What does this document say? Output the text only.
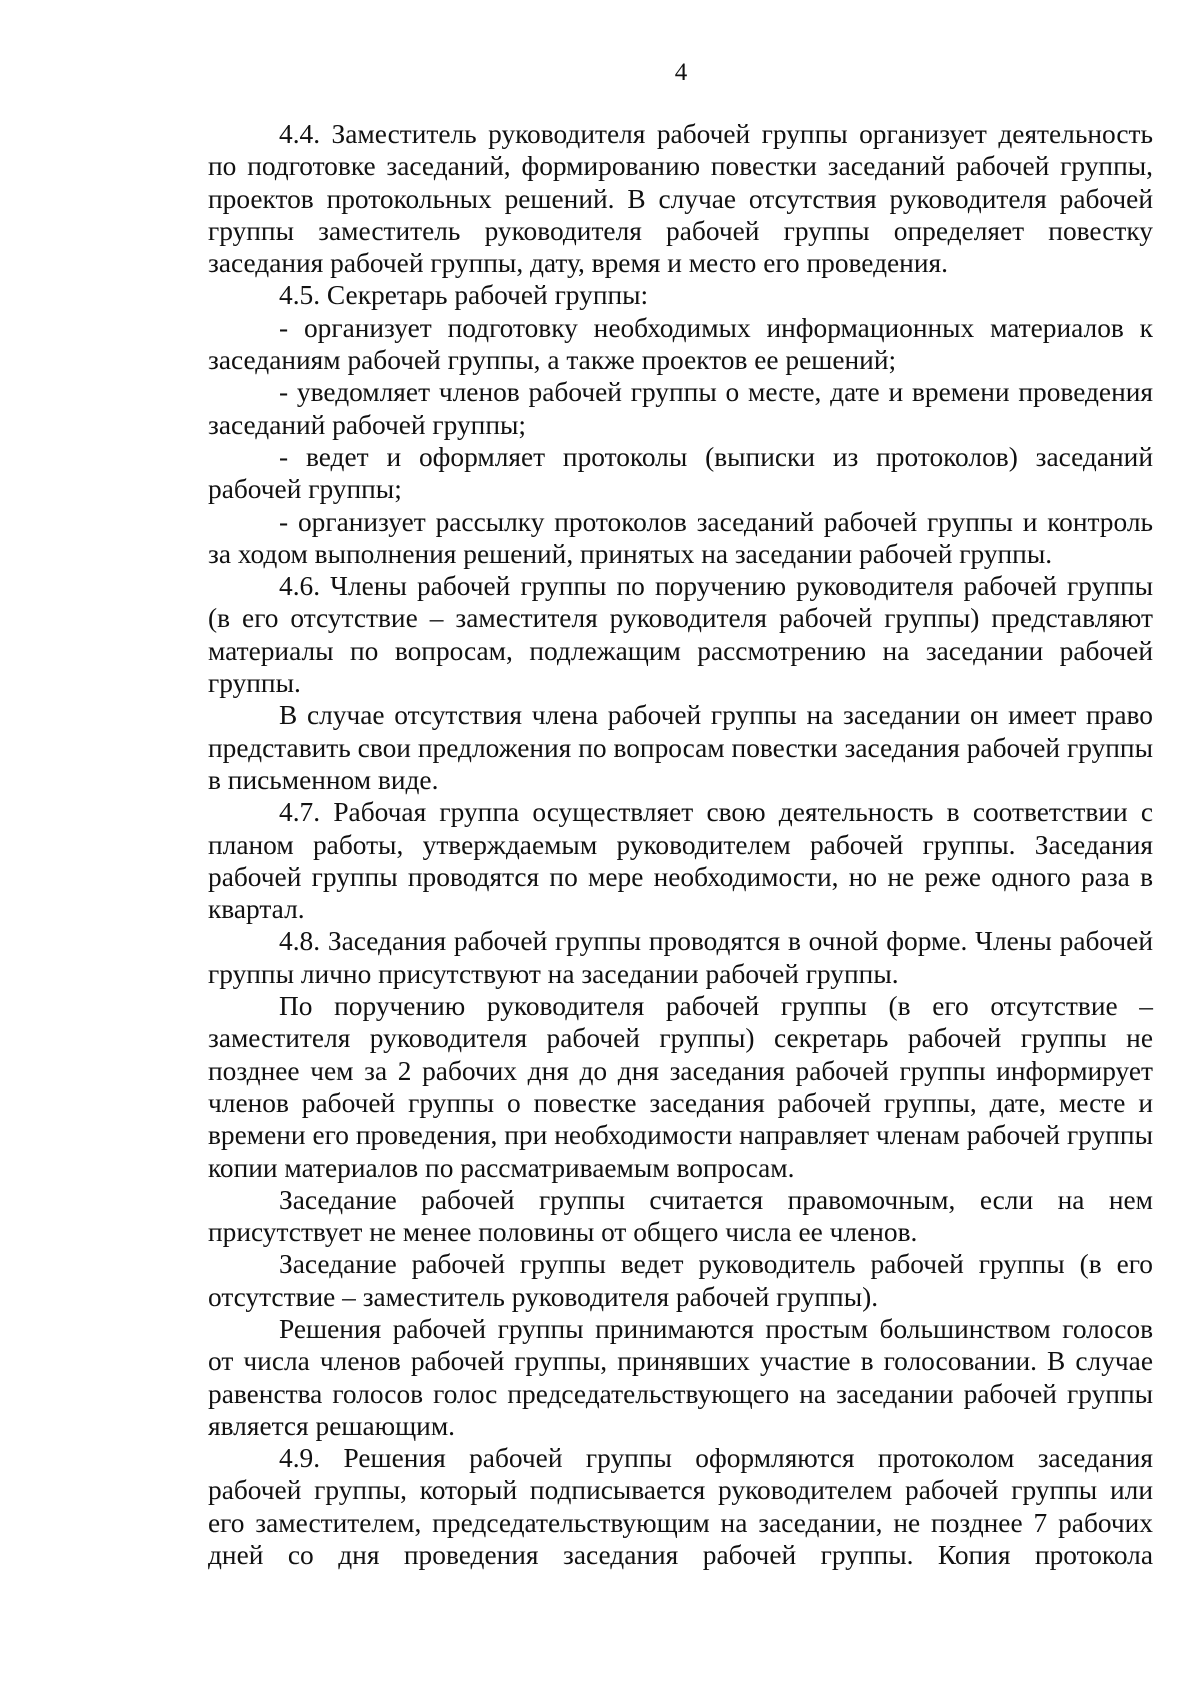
4

4.4. Заместитель руководителя рабочей группы организует деятельность по подготовке заседаний, формированию повестки заседаний рабочей группы, проектов протокольных решений. В случае отсутствия руководителя рабочей группы заместитель руководителя рабочей группы определяет повестку заседания рабочей группы, дату, время и место его проведения.

4.5. Секретарь рабочей группы:

- организует подготовку необходимых информационных материалов к заседаниям рабочей группы, а также проектов ее решений;

- уведомляет членов рабочей группы о месте, дате и времени проведения заседаний рабочей группы;

- ведет и оформляет протоколы (выписки из протоколов) заседаний рабочей группы;

- организует рассылку протоколов заседаний рабочей группы и контроль за ходом выполнения решений, принятых на заседании рабочей группы.

4.6. Члены рабочей группы по поручению руководителя рабочей группы (в его отсутствие – заместителя руководителя рабочей группы) представляют материалы по вопросам, подлежащим рассмотрению на заседании рабочей группы.

В случае отсутствия члена рабочей группы на заседании он имеет право представить свои предложения по вопросам повестки заседания рабочей группы в письменном виде.

4.7. Рабочая группа осуществляет свою деятельность в соответствии с планом работы, утверждаемым руководителем рабочей группы. Заседания рабочей группы проводятся по мере необходимости, но не реже одного раза в квартал.

4.8. Заседания рабочей группы проводятся в очной форме. Члены рабочей группы лично присутствуют на заседании рабочей группы.

По поручению руководителя рабочей группы (в его отсутствие – заместителя руководителя рабочей группы) секретарь рабочей группы не позднее чем за 2 рабочих дня до дня заседания рабочей группы информирует членов рабочей группы о повестке заседания рабочей группы, дате, месте и времени его проведения, при необходимости направляет членам рабочей группы копии материалов по рассматриваемым вопросам.

Заседание рабочей группы считается правомочным, если на нем присутствует не менее половины от общего числа ее членов.

Заседание рабочей группы ведет руководитель рабочей группы (в его отсутствие – заместитель руководителя рабочей группы).

Решения рабочей группы принимаются простым большинством голосов от числа членов рабочей группы, принявших участие в голосовании. В случае равенства голосов голос председательствующего на заседании рабочей группы является решающим.

4.9. Решения рабочей группы оформляются протоколом заседания рабочей группы, который подписывается руководителем рабочей группы или его заместителем, председательствующим на заседании, не позднее 7 рабочих дней со дня проведения заседания рабочей группы. Копия протокола
